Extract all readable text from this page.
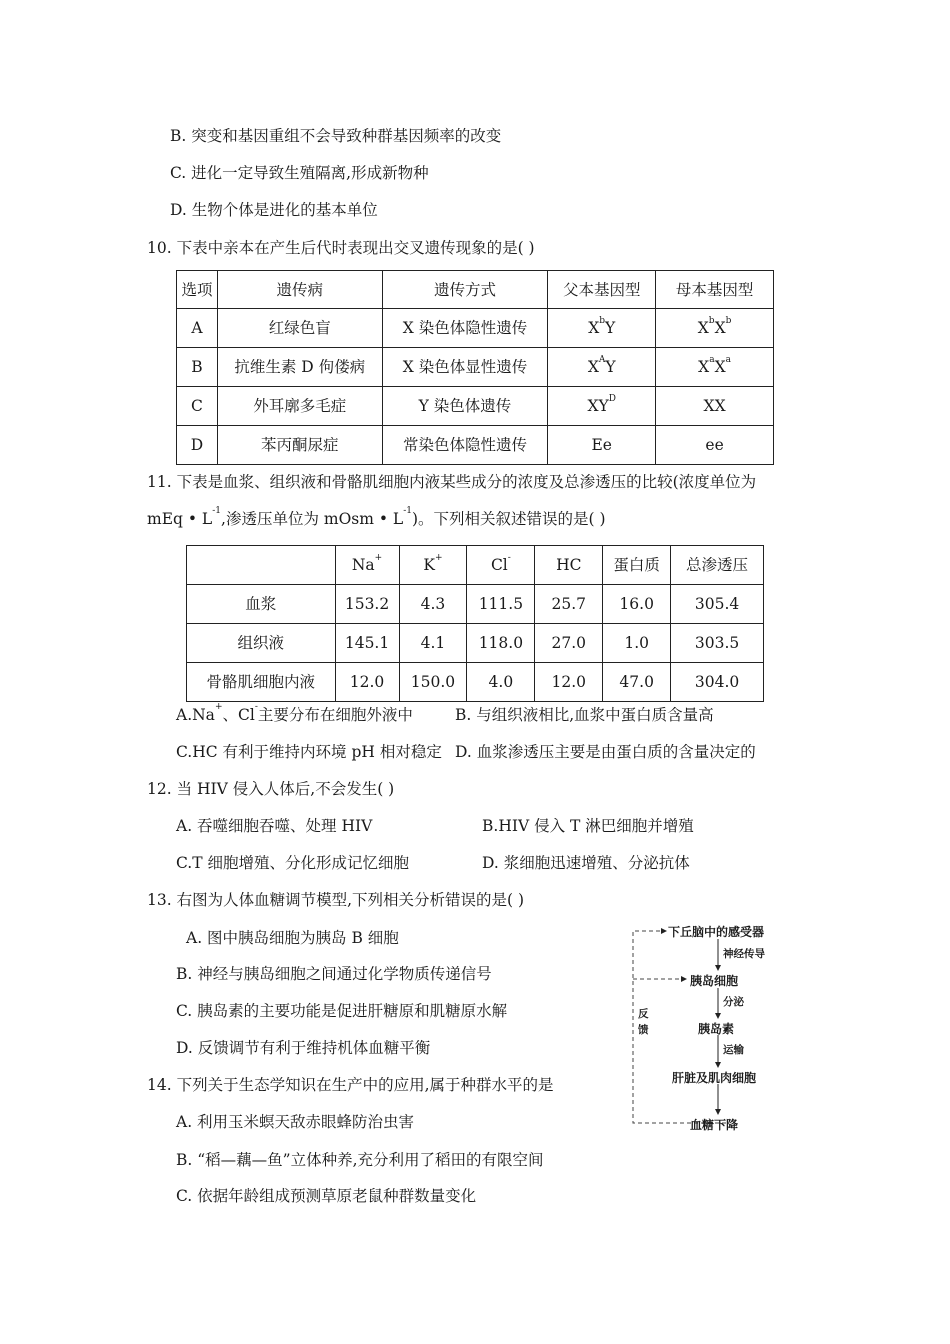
B. 突变和基因重组不会导致种群基因频率的改变
C. 进化一定导致生殖隔离,形成新物种
D. 生物个体是进化的基本单位
10. 下表中亲本在产生后代时表现出交叉遗传现象的是( )
选项	遗传病	遗传方式	父本基因型	母本基因型
A	红绿色盲	X 染色体隐性遗传	$X^bY$	$X^bX^b$
B	抗维生素 D 佝偻病	X 染色体显性遗传	$X^AY$	$X^aX^a$
C	外耳廓多毛症	Y 染色体遗传	$XY^D$	XX
D	苯丙酮尿症	常染色体隐性遗传	Ee	ee
11. 下表是血浆、组织液和骨骼肌细胞内液某些成分的浓度及总渗透压的比较(浓度单位为
mEq • $L^{-1}$,渗透压单位为 mOsm • $L^{-1}$)。下列相关叙述错误的是( )
	Na+	K+	Cl-	HC	蛋白质	总渗透压
血浆	153.2	4.3	111.5	25.7	16.0	305.4
组织液	145.1	4.1	118.0	27.0	1.0	303.5
骨骼肌细胞内液	12.0	150.0	4.0	12.0	47.0	304.0
A.Na+、Cl-主要分布在细胞外液中	B. 与组织液相比,血浆中蛋白质含量高
C.HC 有利于维持内环境 pH 相对稳定 D. 血浆渗透压主要是由蛋白质的含量决定的
12. 当 HIV 侵入人体后,不会发生( )
A. 吞噬细胞吞噬、处理 HIV	B.HIV 侵入 T 淋巴细胞并增殖
C.T 细胞增殖、分化形成记忆细胞	D. 浆细胞迅速增殖、分泌抗体
13. 右图为人体血糖调节模型,下列相关分析错误的是( )
A. 图中胰岛细胞为胰岛 B 细胞
B. 神经与胰岛细胞之间通过化学物质传递信号
C. 胰岛素的主要功能是促进肝糖原和肌糖原水解
D. 反馈调节有利于维持机体血糖平衡
下丘脑中的感受器
神经传导
胰岛细胞
分泌
胰岛素
运输
肝脏及肌肉细胞
血糖下降
反
馈
14. 下列关于生态学知识在生产中的应用,属于种群水平的是
A. 利用玉米螟天敌赤眼蜂防治虫害
B. “稻—藕—鱼”立体种养,充分利用了稻田的有限空间
C. 依据年龄组成预测草原老鼠种群数量变化
